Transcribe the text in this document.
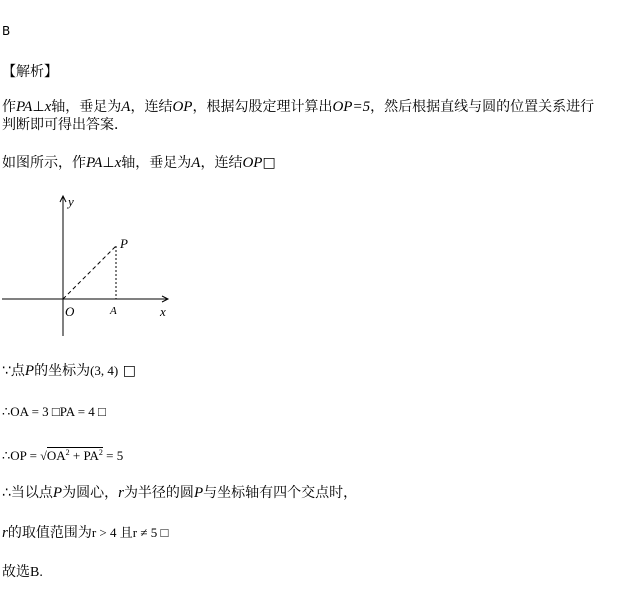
B
【解析】
作PA⊥x轴，垂足为A，连结OP，根据勾股定理计算出OP=5，然后根据直线与圆的位置关系进行
判断即可得出答案．
如图所示，作PA⊥x轴，垂足为A，连结OP□
y
x
O	A
P
∵点P的坐标为(3, 4) □
∴OA = 3 □PA = 4 □
∴OP = $√OA^2 + PA^2 = 5$
∴当以点P为圆心，r为半径的圆P与坐标轴有四个交点时，
r的取值范围为r > 4 且r ≠ 5 □
故选B.
